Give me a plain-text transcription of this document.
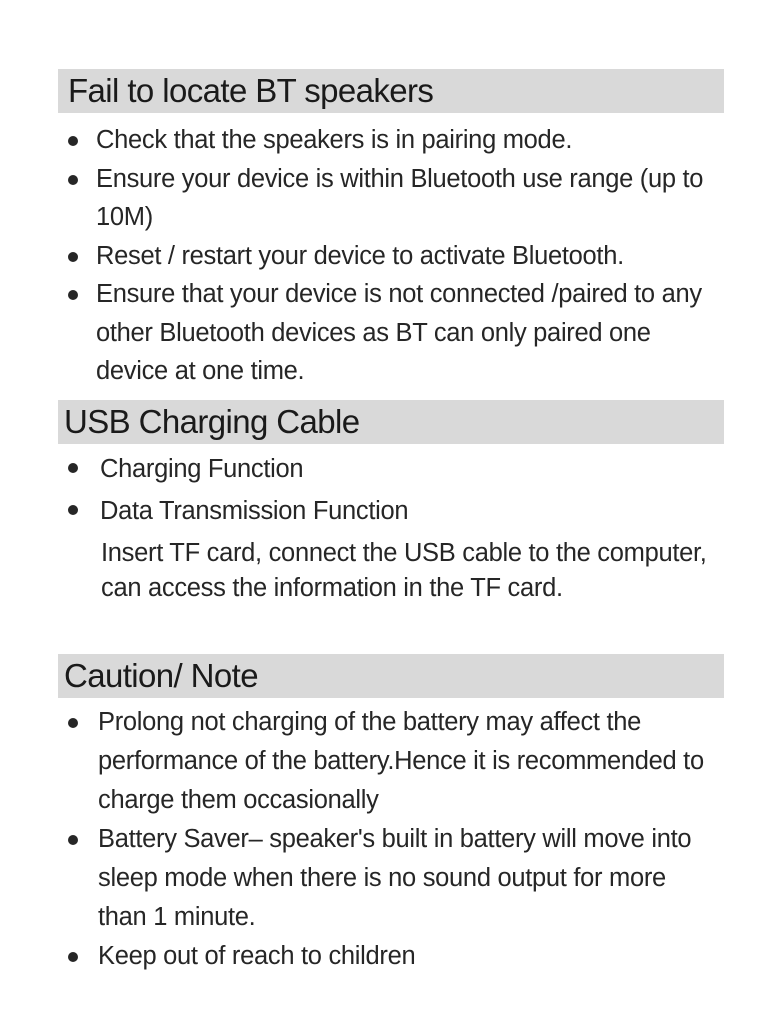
Fail to locate BT speakers
Check that the speakers is in pairing mode.
Ensure your device is within Bluetooth use range (up to 10M)
Reset / restart your device to activate Bluetooth.
Ensure that your device is not connected /paired to any other Bluetooth devices as BT can only paired one device at one time.
USB Charging Cable
Charging Function
Data Transmission Function
Insert TF card, connect the USB cable to the computer, can access the information in the TF card.
Caution/ Note
Prolong not charging of the battery may affect the performance of the battery.Hence it is recommended to charge them occasionally
Battery Saver– speaker's built in battery will move into sleep mode when there is no sound output for more than 1 minute.
Keep out of reach to children
